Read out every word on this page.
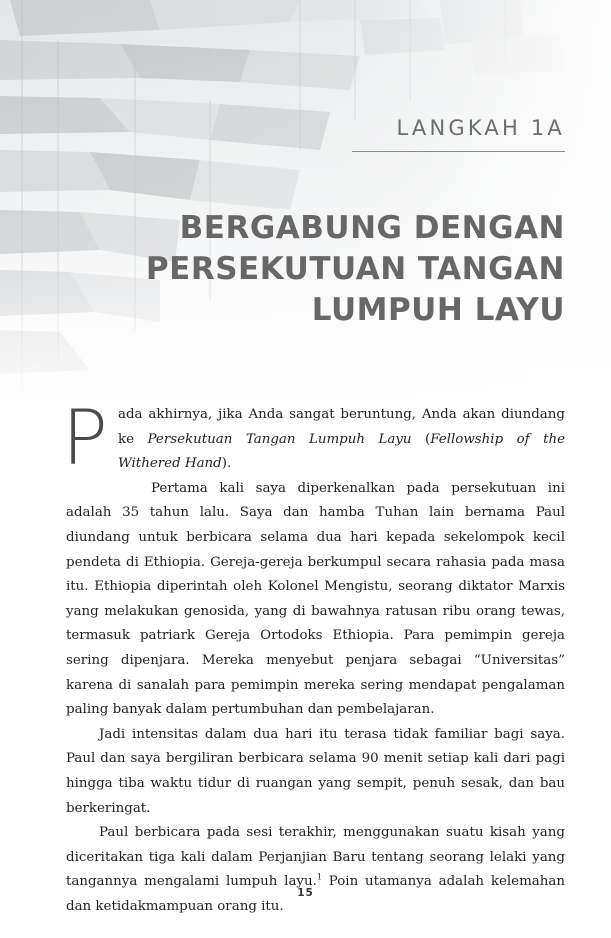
LANGKAH 1A
BERGABUNG DENGAN
PERSEKUTUAN TANGAN
LUMPUH LAYU

Pada akhirnya, jika Anda sangat beruntung, Anda akan diundang ke Persekutuan Tangan Lumpuh Layu (Fellowship of the Withered Hand).
Pertama kali saya diperkenalkan pada persekutuan ini adalah 35 tahun lalu. Saya dan hamba Tuhan lain bernama Paul diundang untuk berbicara selama dua hari kepada sekelompok kecil pendeta di Ethiopia. Gereja-gereja berkumpul secara rahasia pada masa itu. Ethiopia diperintah oleh Kolonel Mengistu, seorang diktator Marxis yang melakukan genosida, yang di bawahnya ratusan ribu orang tewas, termasuk patriark Gereja Ortodoks Ethiopia. Para pemimpin gereja sering dipenjara. Mereka menyebut penjara sebagai “Universitas” karena di sanalah para pemimpin mereka sering mendapat pengalaman paling banyak dalam pertumbuhan dan pembelajaran.

Jadi intensitas dalam dua hari itu terasa tidak familiar bagi saya. Paul dan saya bergiliran berbicara selama 90 menit setiap kali dari pagi hingga tiba waktu tidur di ruangan yang sempit, penuh sesak, dan bau berkeringat.

Paul berbicara pada sesi terakhir, menggunakan suatu kisah yang diceritakan tiga kali dalam Perjanjian Baru tentang seorang lelaki yang tangannya mengalami lumpuh layu.$^1$ Poin utamanya adalah kelemahan dan ketidakmampuan orang itu.

15
